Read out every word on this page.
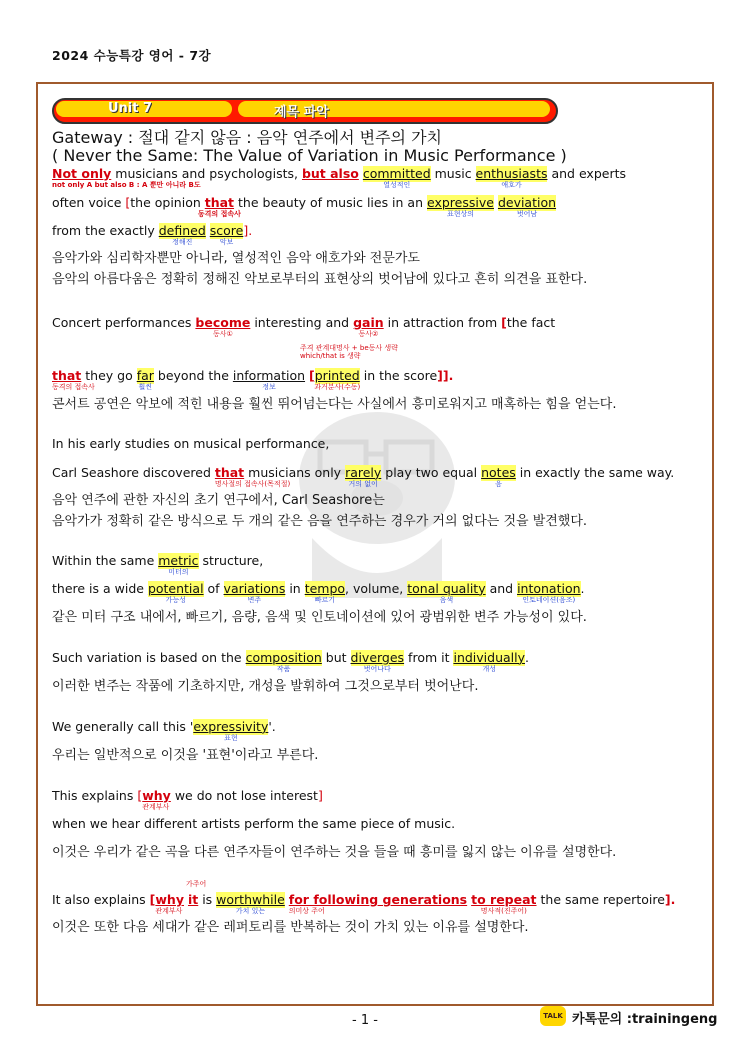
2024 수능특강 영어 - 7강
Unit 7	제목 파악
Gateway : 절대 같지 않음 : 음악 연주에서 변주의 가치
( Never the Same: The Value of Variation in Music Performance )
Not only
not only A but also B : A 뿐만 아니라 B도
musicians and psychologists, but also committed
열성적인
music enthusiasts
애호가
and experts
often voice [the opinion that
동격의 접속사
the beauty of music lies in an expressive
표현상의
deviation
벗어남
from the exactly defined
정해진
score
악보
].
음악가와 심리학자뿐만 아니라, 열성적인 음악 애호가와 전문가도
음악의 아름다움은 정확히 정해진 악보로부터의 표현상의 벗어남에 있다고 흔히 의견을 표한다.
Concert performances become
동사①
interesting and gain
동사②
in attraction from [the fact
주격 관계대명사 + be동사 생략
which/that is 생략
that
동격의 접속사
they go far
훨씬
beyond the information
정보
[printed
과거분사(수동)
in the score]].
콘서트 공연은 악보에 적힌 내용을 훨씬 뛰어넘는다는 사실에서 흥미로워지고 매혹하는 힘을 얻는다.
In his early studies on musical performance,
Carl Seashore discovered that
명사절의 접속사(목적절)
musicians only rarely
거의 없이
play two equal notes
음
in exactly the same way.
음악 연주에 관한 자신의 초기 연구에서, Carl Seashore는
음악가가 정확히 같은 방식으로 두 개의 같은 음을 연주하는 경우가 거의 없다는 것을 발견했다.
Within the same metric
미터의
structure,
there is a wide potential
가능성
of variations
변주
in tempo
빠르기
, volume, tonal quality
음색
and intonation
인토네이션(음조)
.
같은 미터 구조 내에서, 빠르기, 음량, 음색 및 인토네이션에 있어 광범위한 변주 가능성이 있다.
Such variation is based on the composition
작품
but diverges
벗어나다
from it individually
개성
.
이러한 변주는 작품에 기초하지만, 개성을 발휘하여 그것으로부터 벗어난다.
We generally call this 'expressivity
표현
'.
우리는 일반적으로 이것을 '표현'이라고 부른다.
This explains [why
관계부사
we do not lose interest]
when we hear different artists perform the same piece of music.
이것은 우리가 같은 곡을 다른 연주자들이 연주하는 것을 들을 때 흥미를 잃지 않는 이유를 설명한다.
가주어
It also explains [why
관계부사
it is worthwhile
가치 있는
for following generations
의미상 주어
to repeat
명사적(진주어)
the same repertoire].
이것은 또한 다음 세대가 같은 레퍼토리를 반복하는 것이 가치 있는 이유를 설명한다.
- 1 -	TALK 카톡문의 :trainingeng
